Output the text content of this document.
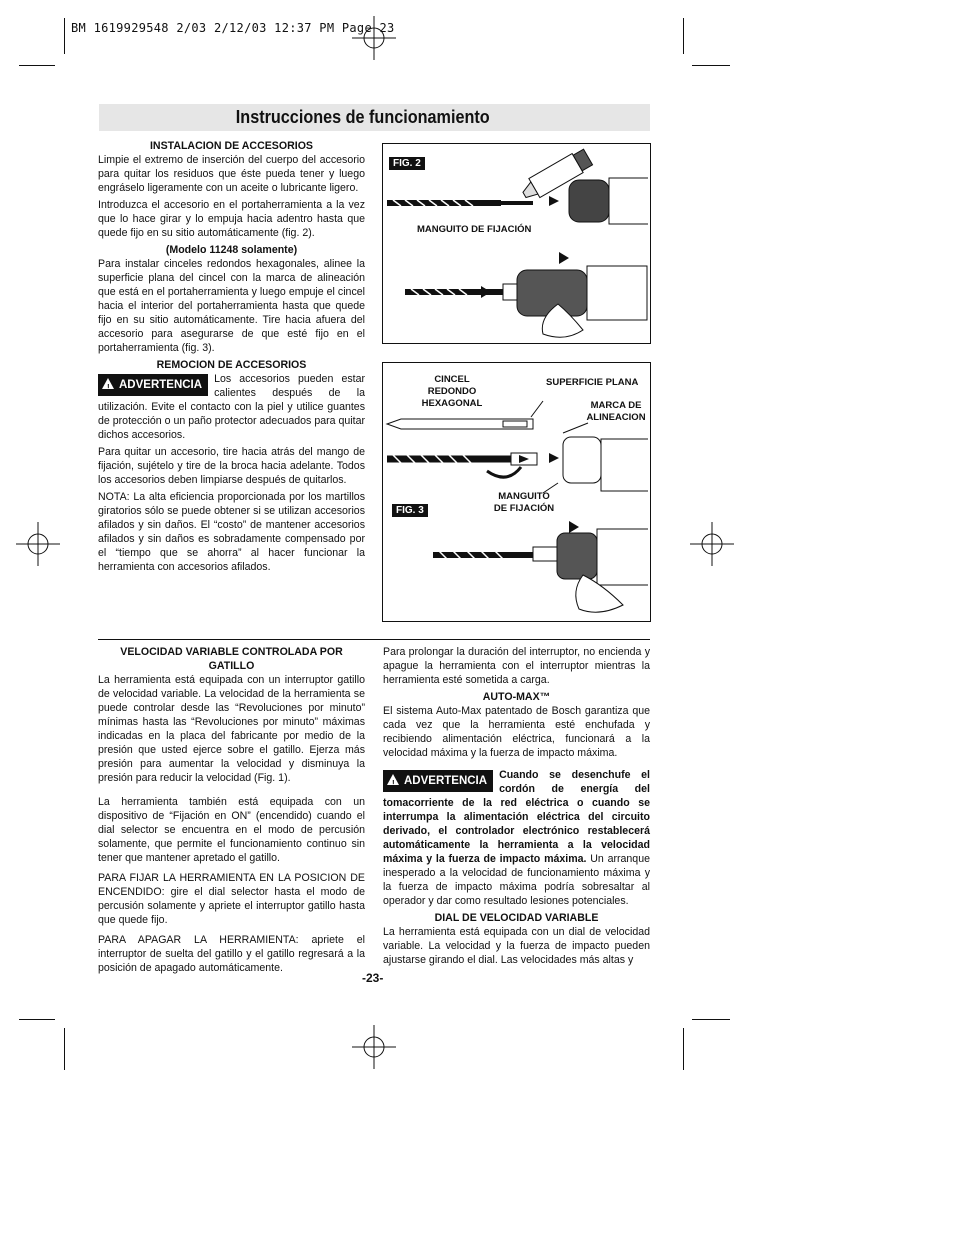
BM 1619929548 2/03 2/12/03 12:37 PM Page 23
Instrucciones de funcionamiento
INSTALACION DE ACCESORIOS

Limpie el extremo de inserción del cuerpo del accesorio para quitar los residuos que éste pueda tener y luego engráselo ligeramente con un aceite o lubricante ligero.

Introduzca el accesorio en el portaherramienta a la vez que lo hace girar y lo empuja hacia adentro hasta que quede fijo en su sitio automáticamente (fig. 2).

(Modelo 11248 solamente)

Para instalar cinceles redondos hexagonales, alinee la superficie plana del cincel con la marca de alineación que está en el portaherramienta y luego empuje el cincel hacia el interior del portaherramienta hasta que quede fijo en su sitio automáticamente. Tire hacia afuera del accesorio para asegurarse de que esté fijo en el portaherramienta (fig. 3).

REMOCION DE ACCESORIOS

! ADVERTENCIA	Los accesorios pueden estar calientes después de la utilización. Evite el contacto con la piel y utilice guantes de protección o un paño protector adecuados para quitar dichos accesorios.

Para quitar un accesorio, tire hacia atrás del mango de fijación, sujételo y tire de la broca hacia adelante. Todos los accesorios deben limpiarse después de quitarlos.

NOTA: La alta eficiencia proporcionada por los martillos giratorios sólo se puede obtener si se utilizan accesorios afilados y sin daños. El “costo” de mantener accesorios afilados y sin daños es sobradamente compensado por el “tiempo que se ahorra” al hacer funcionar la herramienta con accesorios afilados.

FIG. 2
MANGUITO DE FIJACIÓN
CINCEL REDONDO HEXAGONAL
SUPERFICIE PLANA
MARCA DE ALINEACION
MANGUITO DE FIJACIÓN
FIG. 3
VELOCIDAD VARIABLE CONTROLADA POR GATILLO

La herramienta está equipada con un interruptor gatillo de velocidad variable. La velocidad de la herramienta se puede controlar desde las “Revoluciones por minuto” mínimas hasta las “Revoluciones por minuto” máximas indicadas en la placa del fabricante por medio de la presión que usted ejerce sobre el gatillo. Ejerza más presión para aumentar la velocidad y disminuya la presión para reducir la velocidad (Fig. 1).

La herramienta también está equipada con un dispositivo de “Fijación en ON” (encendido) cuando el dial selector se encuentra en el modo de percusión solamente, que permite el funcionamiento continuo sin tener que mantener apretado el gatillo.

PARA FIJAR LA HERRAMIENTA EN LA POSICION DE ENCENDIDO: gire el dial selector hasta el modo de percusión solamente y apriete el interruptor gatillo hasta que quede fijo.

PARA APAGAR LA HERRAMIENTA: apriete el interruptor de suelta del gatillo y el gatillo regresará a la posición de apagado automáticamente.

Para prolongar la duración del interruptor, no encienda y apague la herramienta con el interruptor mientras la herramienta esté sometida a carga.

AUTO-MAX™

El sistema Auto-Max patentado de Bosch garantiza que cada vez que la herramienta esté enchufada y recibiendo alimentación eléctrica, funcionará a la velocidad máxima y la fuerza de impacto máxima.

! ADVERTENCIA	Cuando se desenchufe el cordón de energía del tomacorriente de la red eléctrica o cuando se interrumpa la alimentación eléctrica del circuito derivado, el controlador electrónico restablecerá automáticamente la herramienta a la velocidad máxima y la fuerza de impacto máxima. Un arranque inesperado a la velocidad de funcionamiento máxima y la fuerza de impacto máxima podría sobresaltar al operador y dar como resultado lesiones potenciales.

DIAL DE VELOCIDAD VARIABLE

La herramienta está equipada con un dial de velocidad variable. La velocidad y la fuerza de impacto pueden ajustarse girando el dial. Las velocidades más altas y

-23-
